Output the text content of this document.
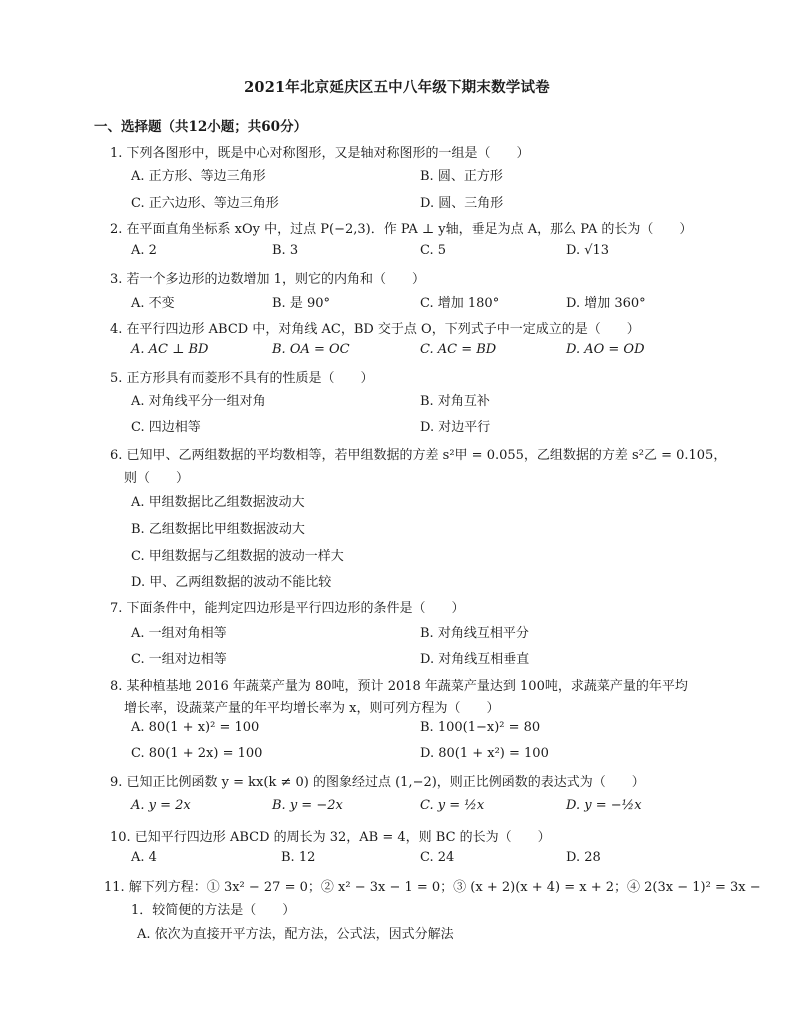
2021年北京延庆区五中八年级下期末数学试卷
一、选择题（共12小题；共60分）
1. 下列各图形中，既是中心对称图形，又是轴对称图形的一组是（　　）
A. 正方形、等边三角形	B. 圆、正方形
C. 正六边形、等边三角形	D. 圆、三角形
2. 在平面直角坐标系 xOy 中，过点 P(−2,3)．作 PA ⊥ y轴，垂足为点 A，那么 PA 的长为（　　）
A. 2	B. 3	C. 5	D. √13
3. 若一个多边形的边数增加 1，则它的内角和（　　）
A. 不变	B. 是 90°	C. 增加 180°	D. 增加 360°
4. 在平行四边形 ABCD 中，对角线 AC，BD 交于点 O，下列式子中一定成立的是（　　）
A. AC ⊥ BD	B. OA = OC	C. AC = BD	D. AO = OD
5. 正方形具有而菱形不具有的性质是（　　）
A. 对角线平分一组对角	B. 对角互补
C. 四边相等	D. 对边平行
6. 已知甲、乙两组数据的平均数相等，若甲组数据的方差 s²甲 = 0.055，乙组数据的方差 s²乙 = 0.105，
则（　　）
A. 甲组数据比乙组数据波动大
B. 乙组数据比甲组数据波动大
C. 甲组数据与乙组数据的波动一样大
D. 甲、乙两组数据的波动不能比较
7. 下面条件中，能判定四边形是平行四边形的条件是（　　）
A. 一组对角相等	B. 对角线互相平分
C. 一组对边相等	D. 对角线互相垂直
8. 某种植基地 2016 年蔬菜产量为 80吨，预计 2018 年蔬菜产量达到 100吨，求蔬菜产量的年平均
增长率，设蔬菜产量的年平均增长率为 x，则可列方程为（　　）
A. 80(1 + x)² = 100	B. 100(1−x)² = 80
C. 80(1 + 2x) = 100	D. 80(1 + x²) = 100
9. 已知正比例函数 y = kx(k ≠ 0) 的图象经过点 (1,−2)，则正比例函数的表达式为（　　）
A. y = 2x	B. y = −2x	C. y = ½x	D. y = −½x
10. 已知平行四边形 ABCD 的周长为 32，AB = 4，则 BC 的长为（　　）
A. 4	B. 12	C. 24	D. 28
11. 解下列方程：① 3x² − 27 = 0；② x² − 3x − 1 = 0；③ (x + 2)(x + 4) = x + 2；④ 2(3x − 1)² = 3x −
1．较简便的方法是（　　）
A. 依次为直接开平方法，配方法，公式法，因式分解法
